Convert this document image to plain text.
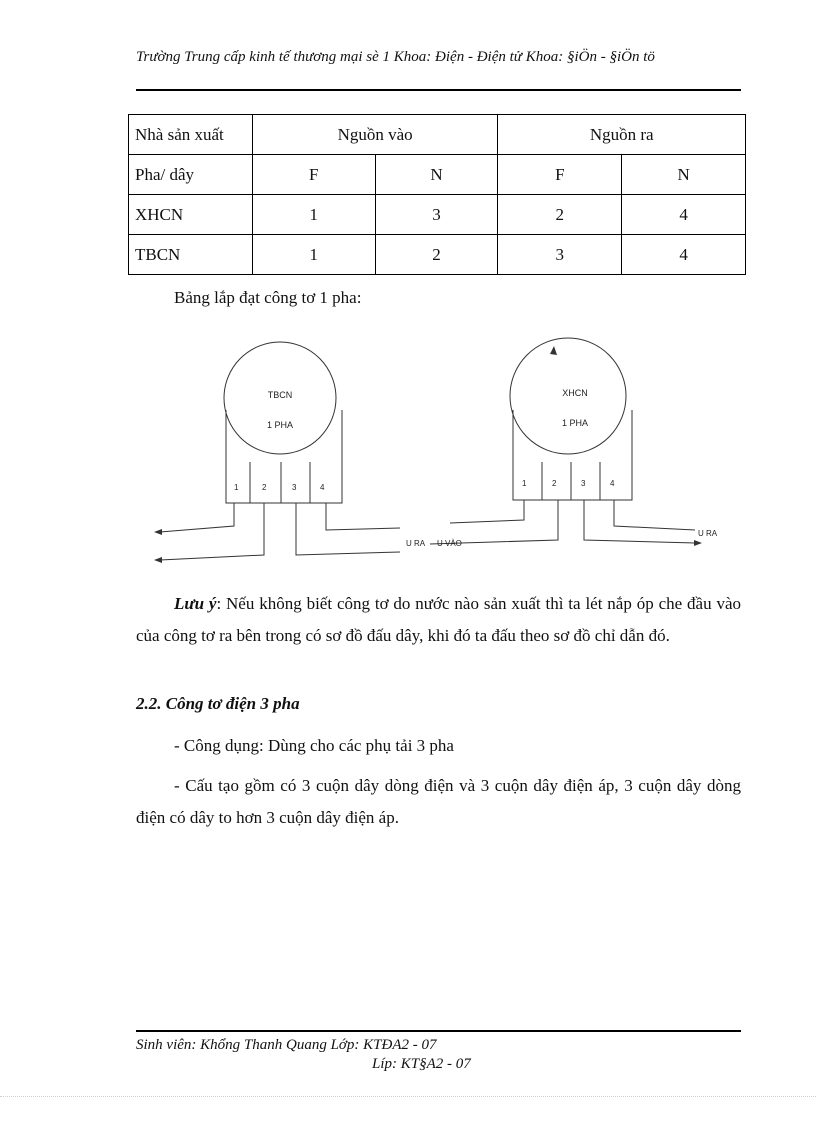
Trường Trung cấp kinh tế thương mại sè 1 Khoa: Điện - Điện tử Khoa: §iÖn - §iÖn tö
Nhà sản xuất	Nguồn vào		Nguồn ra	
Pha/ dây	F	N	F	N
XHCN	1	3	2	4
TBCN	1	2	3	4
Bảng lắp đạt công tơ 1 pha:
TBCN
1 PHA
1	2	3	4
U RA
XHCN
1 PHA
1	2	3	4
U VÀO
U RA

Lưu ý: Nếu không biết công tơ do nước nào sản xuất thì ta lét nắp óp che đầu vào của công tơ ra bên trong có sơ đồ đấu dây, khi đó ta đấu theo sơ đồ chỉ dẫn đó.

2.2. Công tơ điện 3 pha

- Công dụng: Dùng cho các phụ tải 3 pha

- Cấu tạo gồm có 3 cuộn dây dòng điện và 3 cuộn dây điện áp, 3 cuộn dây dòng điện có dây to hơn 3 cuộn dây điện áp.

Sinh viên: Khổng Thanh Quang Lớp: KTĐA2 - 07
Líp: KT§A2 - 07
